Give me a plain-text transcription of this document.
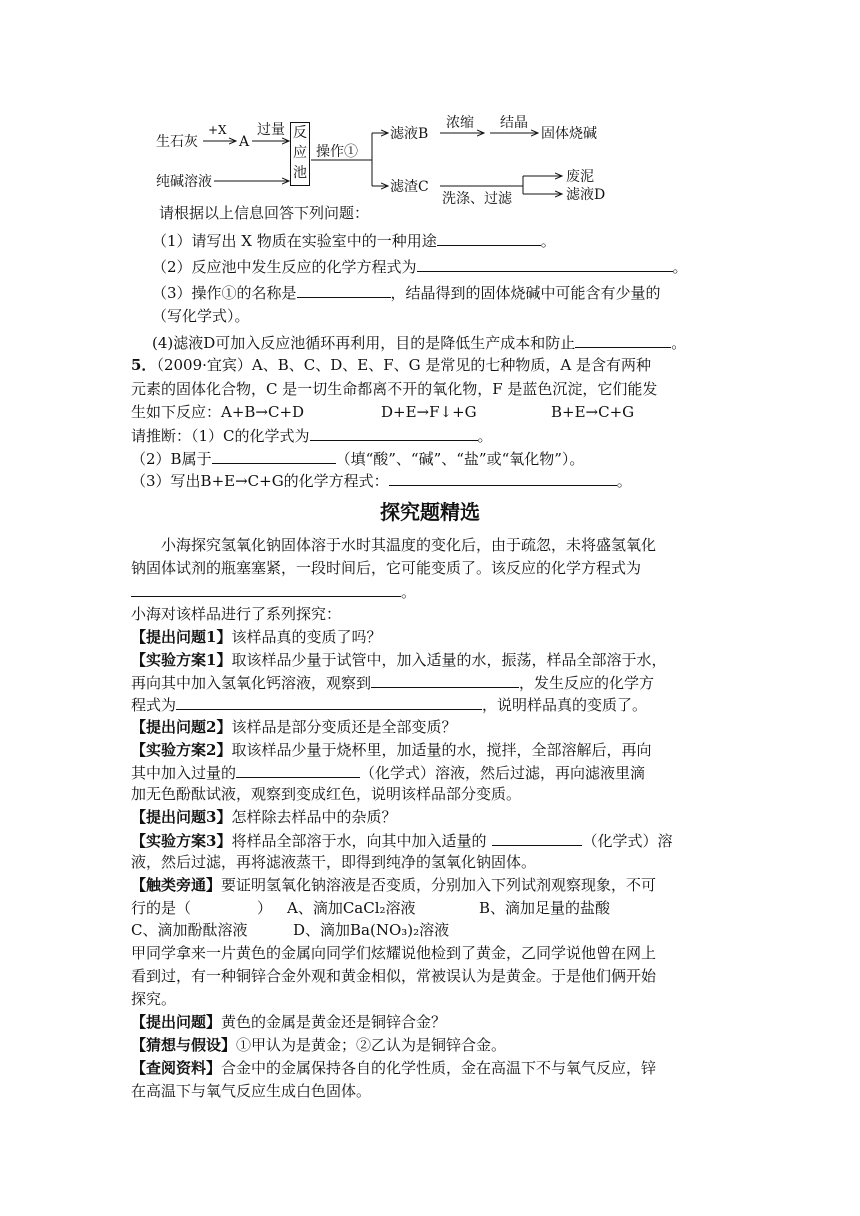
生石灰
+X
A
过量
纯碱溶液
操作①
滤液B
浓缩 结晶
固体烧碱
滤渣C
洗涤、过滤
废泥
滤液D
反
应
池
请根据以上信息回答下列问题：
（1）请写出 X 物质在实验室中的一种用途	。
（2）反应池中发生反应的化学方程式为	。
（3）操作①的名称是	，结晶得到的固体烧碱中可能含有少量的
（写化学式）。
(4)滤液D可加入反应池循环再利用，目的是降低生产成本和防止	。
5．（2009·宜宾）A、B、C、D、E、F、G 是常见的七种物质，A 是含有两种
元素的固体化合物，C 是一切生命都离不开的氧化物，F 是蓝色沉淀，它们能发
生如下反应：A+B→C+D	D+E→F↓+G	B+E→C+G
请推断：（1）C的化学式为	。
（2）B属于	（填“酸”、“碱”、“盐”或“氧化物”）。
（3）写出B+E→C+G的化学方程式：	。
探究题精选
小海探究氢氧化钠固体溶于水时其温度的变化后，由于疏忽，未将盛氢氧化
钠固体试剂的瓶塞塞紧，一段时间后，它可能变质了。该反应的化学方程式为
。
小海对该样品进行了系列探究：
【提出问题1】该样品真的变质了吗？
【实验方案1】取该样品少量于试管中，加入适量的水，振荡，样品全部溶于水，
再向其中加入氢氧化钙溶液，观察到	，发生反应的化学方
程式为	，说明样品真的变质了。
【提出问题2】该样品是部分变质还是全部变质？
【实验方案2】取该样品少量于烧杯里，加适量的水，搅拌，全部溶解后，再向
其中加入过量的	（化学式）溶液，然后过滤，再向滤液里滴
加无色酚酞试液，观察到变成红色，说明该样品部分变质。
【提出问题3】怎样除去样品中的杂质？
【实验方案3】将样品全部溶于水，向其中加入适量的	（化学式）溶
液，然后过滤，再将滤液蒸干，即得到纯净的氢氧化钠固体。
【触类旁通】要证明氢氧化钠溶液是否变质，分别加入下列试剂观察现象，不可
行的是（	） A、滴加CaCl₂溶液	B、滴加足量的盐酸
C、滴加酚酞溶液	D、滴加Ba(NO₃)₂溶液
甲同学拿来一片黄色的金属向同学们炫耀说他检到了黄金，乙同学说他曾在网上
看到过，有一种铜锌合金外观和黄金相似，常被误认为是黄金。于是他们俩开始
探究。
【提出问题】黄色的金属是黄金还是铜锌合金？
【猜想与假设】①甲认为是黄金；②乙认为是铜锌合金。
【查阅资料】合金中的金属保持各自的化学性质，金在高温下不与氧气反应，锌
在高温下与氧气反应生成白色固体。
